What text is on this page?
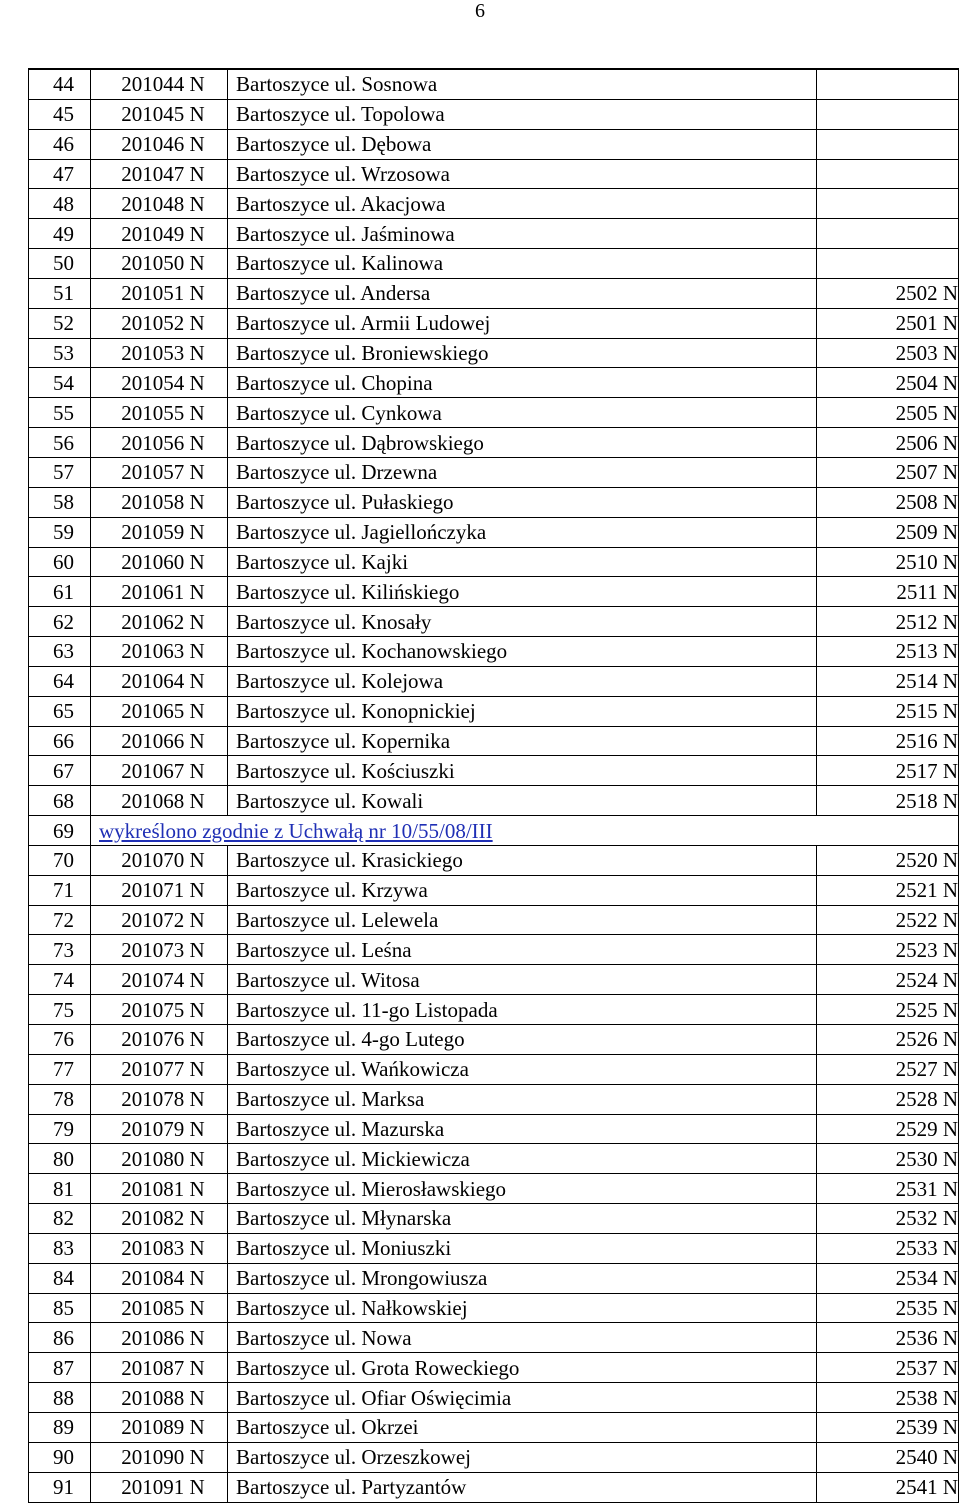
6
44	201044 N	Bartoszyce ul. Sosnowa	
45	201045 N	Bartoszyce ul. Topolowa	
46	201046 N	Bartoszyce ul. Dębowa	
47	201047 N	Bartoszyce ul. Wrzosowa	
48	201048 N	Bartoszyce ul. Akacjowa	
49	201049 N	Bartoszyce ul. Jaśminowa	
50	201050 N	Bartoszyce ul. Kalinowa	
51	201051 N	Bartoszyce ul. Andersa	2502 N
52	201052 N	Bartoszyce ul. Armii Ludowej	2501 N
53	201053 N	Bartoszyce ul. Broniewskiego	2503 N
54	201054 N	Bartoszyce ul. Chopina	2504 N
55	201055 N	Bartoszyce ul. Cynkowa	2505 N
56	201056 N	Bartoszyce ul. Dąbrowskiego	2506 N
57	201057 N	Bartoszyce ul. Drzewna	2507 N
58	201058 N	Bartoszyce ul. Pułaskiego	2508 N
59	201059 N	Bartoszyce ul. Jagiellończyka	2509 N
60	201060 N	Bartoszyce ul. Kajki	2510 N
61	201061 N	Bartoszyce ul. Kilińskiego	2511 N
62	201062 N	Bartoszyce ul. Knosały	2512 N
63	201063 N	Bartoszyce ul. Kochanowskiego	2513 N
64	201064 N	Bartoszyce ul. Kolejowa	2514 N
65	201065 N	Bartoszyce ul. Konopnickiej	2515 N
66	201066 N	Bartoszyce ul. Kopernika	2516 N
67	201067 N	Bartoszyce ul. Kościuszki	2517 N
68	201068 N	Bartoszyce ul. Kowali	2518 N
69	wykreślono zgodnie z Uchwałą nr 10/55/08/III		
70	201070 N	Bartoszyce ul. Krasickiego	2520 N
71	201071 N	Bartoszyce ul. Krzywa	2521 N
72	201072 N	Bartoszyce ul. Lelewela	2522 N
73	201073 N	Bartoszyce ul. Leśna	2523 N
74	201074 N	Bartoszyce ul. Witosa	2524 N
75	201075 N	Bartoszyce ul. 11-go Listopada	2525 N
76	201076 N	Bartoszyce ul. 4-go Lutego	2526 N
77	201077 N	Bartoszyce ul. Wańkowicza	2527 N
78	201078 N	Bartoszyce ul. Marksa	2528 N
79	201079 N	Bartoszyce ul. Mazurska	2529 N
80	201080 N	Bartoszyce ul. Mickiewicza	2530 N
81	201081 N	Bartoszyce ul. Mierosławskiego	2531 N
82	201082 N	Bartoszyce ul. Młynarska	2532 N
83	201083 N	Bartoszyce ul. Moniuszki	2533 N
84	201084 N	Bartoszyce ul. Mrongowiusza	2534 N
85	201085 N	Bartoszyce ul. Nałkowskiej	2535 N
86	201086 N	Bartoszyce ul. Nowa	2536 N
87	201087 N	Bartoszyce ul. Grota Roweckiego	2537 N
88	201088 N	Bartoszyce ul. Ofiar Oświęcimia	2538 N
89	201089 N	Bartoszyce ul. Okrzei	2539 N
90	201090 N	Bartoszyce ul. Orzeszkowej	2540 N
91	201091 N	Bartoszyce ul. Partyzantów	2541 N
